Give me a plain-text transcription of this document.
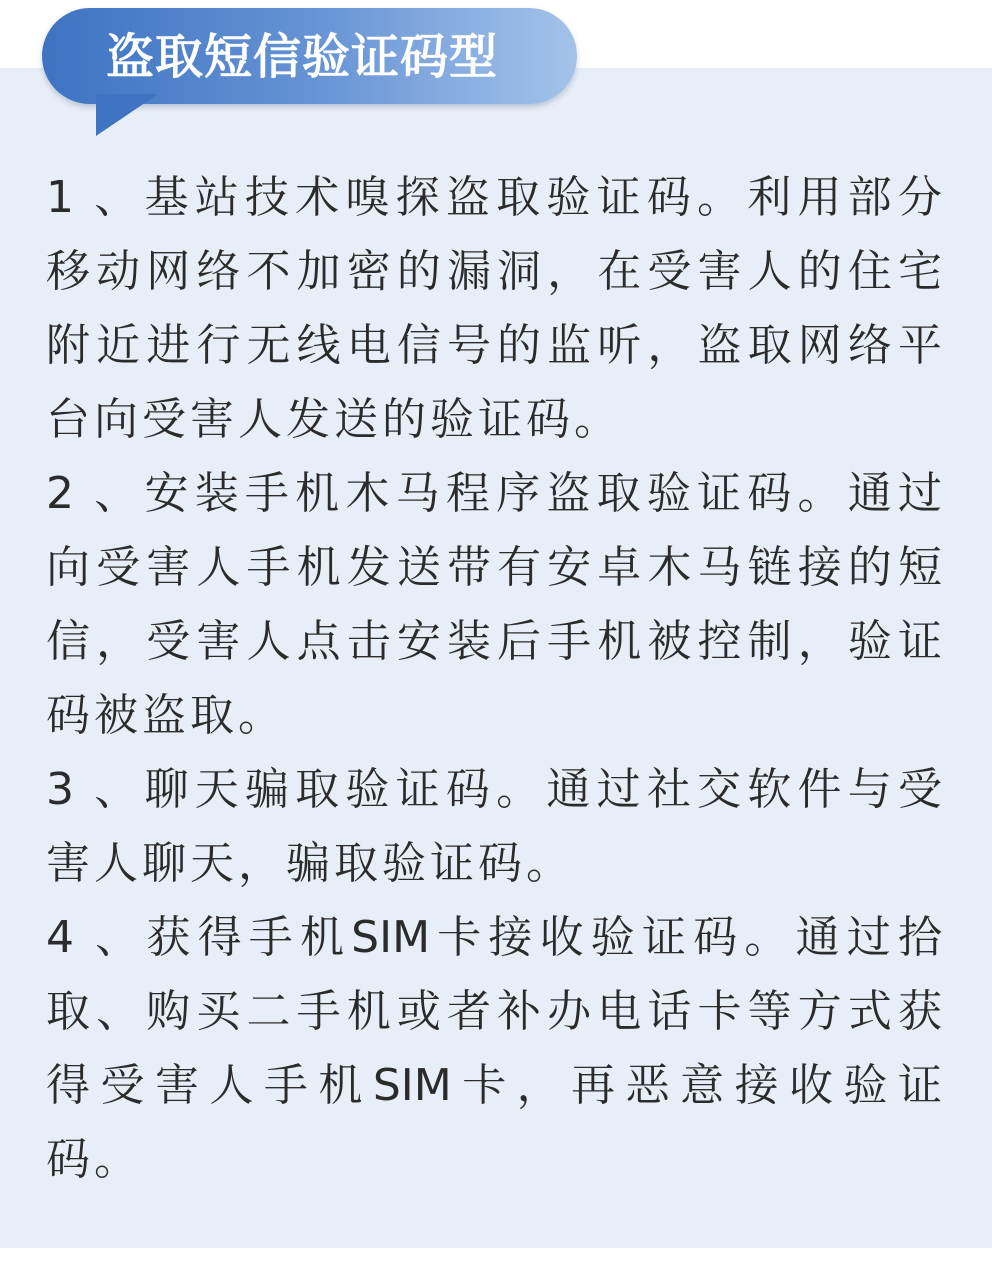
盗取短信验证码型
1 、基站技术嗅探盗取验证码。利用部分
移动网络不加密的漏洞，在受害人的住宅
附近进行无线电信号的监听，盗取网络平
台向受害人发送的验证码。
2 、安装手机木马程序盗取验证码。通过
向受害人手机发送带有安卓木马链接的短
信，受害人点击安装后手机被控制，验证
码被盗取。
3 、聊天骗取验证码。通过社交软件与受
害人聊天，骗取验证码。
4 、获得手机SIM卡接收验证码。通过拾
取、购买二手机或者补办电话卡等方式获
得受害人手机SIM卡，再恶意接收验证
码。
